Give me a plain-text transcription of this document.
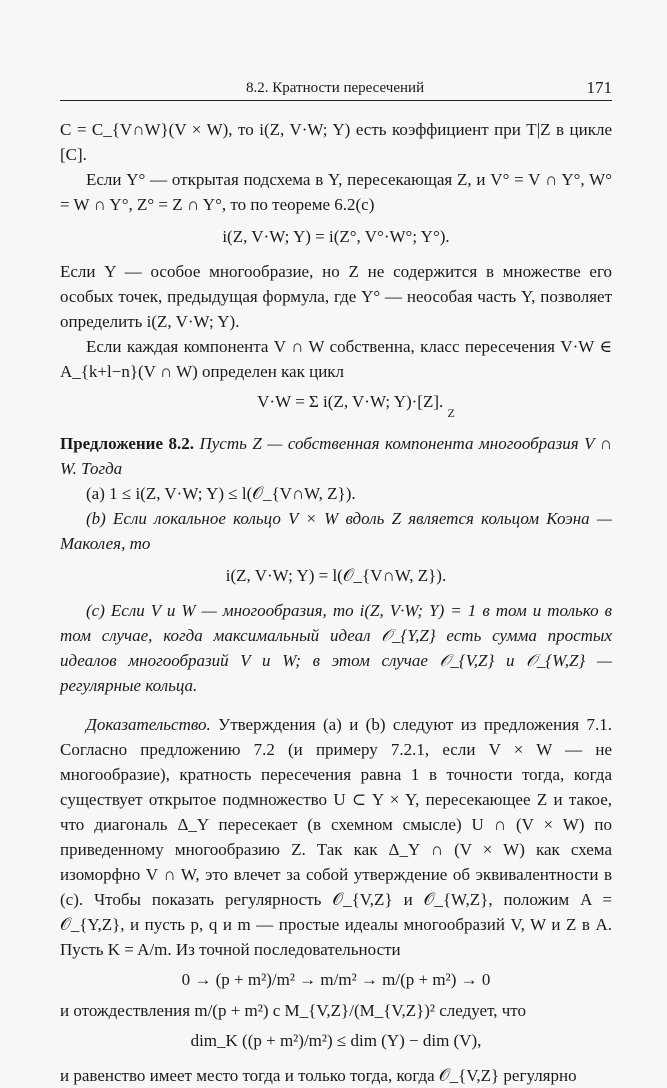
8.2. Кратности пересечений	171

C = C_{V∩W}(V × W), то i(Z, V·W; Y) есть коэффициент при T|Z в цикле [C].

Если Y° — открытая подсхема в Y, пересекающая Z, и V° = V ∩ Y°, W° = W ∩ Y°, Z° = Z ∩ Y°, то по теореме 6.2(c)

i(Z, V·W; Y) = i(Z°, V°·W°; Y°).

Если Y — особое многообразие, но Z не содержится в множестве его особых точек, предыдущая формула, где Y° — неособая часть Y, позволяет определить i(Z, V·W; Y).

Если каждая компонента V ∩ W собственна, класс пересечения V·W ∈ A_{k+l−n}(V ∩ W) определен как цикл

V·W = Σ i(Z, V·W; Y)·[Z]. Z

Предложение 8.2. Пусть Z — собственная компонента многообразия V ∩ W. Тогда

(a) 1 ≤ i(Z, V·W; Y) ≤ l(𝒪_{V∩W, Z}).

(b) Если локальное кольцо V × W вдоль Z является кольцом Коэна — Маколея, то

i(Z, V·W; Y) = l(𝒪_{V∩W, Z}).

(c) Если V и W — многообразия, то i(Z, V·W; Y) = 1 в том и только в том случае, когда максимальный идеал 𝒪_{Y,Z} есть сумма простых идеалов многообразий V и W; в этом случае 𝒪_{V,Z} и 𝒪_{W,Z} — регулярные кольца.

Доказательство. Утверждения (a) и (b) следуют из предложения 7.1. Согласно предложению 7.2 (и примеру 7.2.1, если V × W — не многообразие), кратность пересечения равна 1 в точности тогда, когда существует открытое подмножество U ⊂ Y × Y, пересекающее Z и такое, что диагональ Δ_Y пересекает (в схемном смысле) U ∩ (V × W) по приведенному многообразию Z. Так как Δ_Y ∩ (V × W) как схема изоморфно V ∩ W, это влечет за собой утверждение об эквивалентности в (c). Чтобы показать регулярность 𝒪_{V,Z} и 𝒪_{W,Z}, положим A = 𝒪_{Y,Z}, и пусть p, q и m — простые идеалы многообразий V, W и Z в A. Пусть K = A/m. Из точной последовательности

0 → (p + m²)/m² → m/m² → m/(p + m²) → 0

и отождествления m/(p + m²) с M_{V,Z}/(M_{V,Z})² следует, что

dim_K ((p + m²)/m²) ≤ dim (Y) − dim (V),

и равенство имеет место тогда и только тогда, когда 𝒪_{V,Z} регулярно
